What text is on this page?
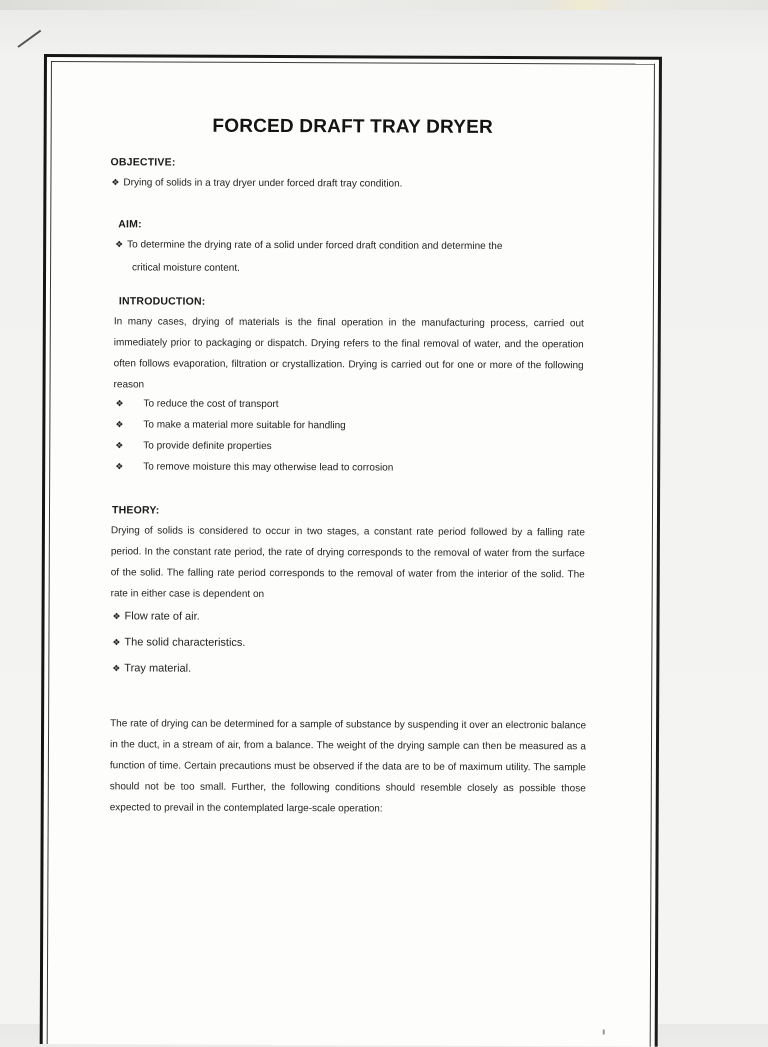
FORCED DRAFT TRAY DRYER
OBJECTIVE:
❖ Drying of solids in a tray dryer under forced draft tray condition.
AIM:
❖ To determine the drying rate of a solid under forced draft condition and determine the
critical moisture content.
INTRODUCTION:
In many cases, drying of materials is the final operation in the manufacturing process, carried out immediately prior to packaging or dispatch. Drying refers to the final removal of water, and the operation often follows evaporation, filtration or crystallization. Drying is carried out for one or more of the following reason
❖ To reduce the cost of transport
❖ To make a material more suitable for handling
❖ To provide definite properties
❖ To remove moisture this may otherwise lead to corrosion
THEORY:
Drying of solids is considered to occur in two stages, a constant rate period followed by a falling rate period. In the constant rate period, the rate of drying corresponds to the removal of water from the surface of the solid. The falling rate period corresponds to the removal of water from the interior of the solid. The rate in either case is dependent on
❖ Flow rate of air.
❖ The solid characteristics.
❖ Tray material.
The rate of drying can be determined for a sample of substance by suspending it over an electronic balance in the duct, in a stream of air, from a balance. The weight of the drying sample can then be measured as a function of time. Certain precautions must be observed if the data are to be of maximum utility. The sample should not be too small. Further, the following conditions should resemble closely as possible those expected to prevail in the contemplated large-scale operation:
